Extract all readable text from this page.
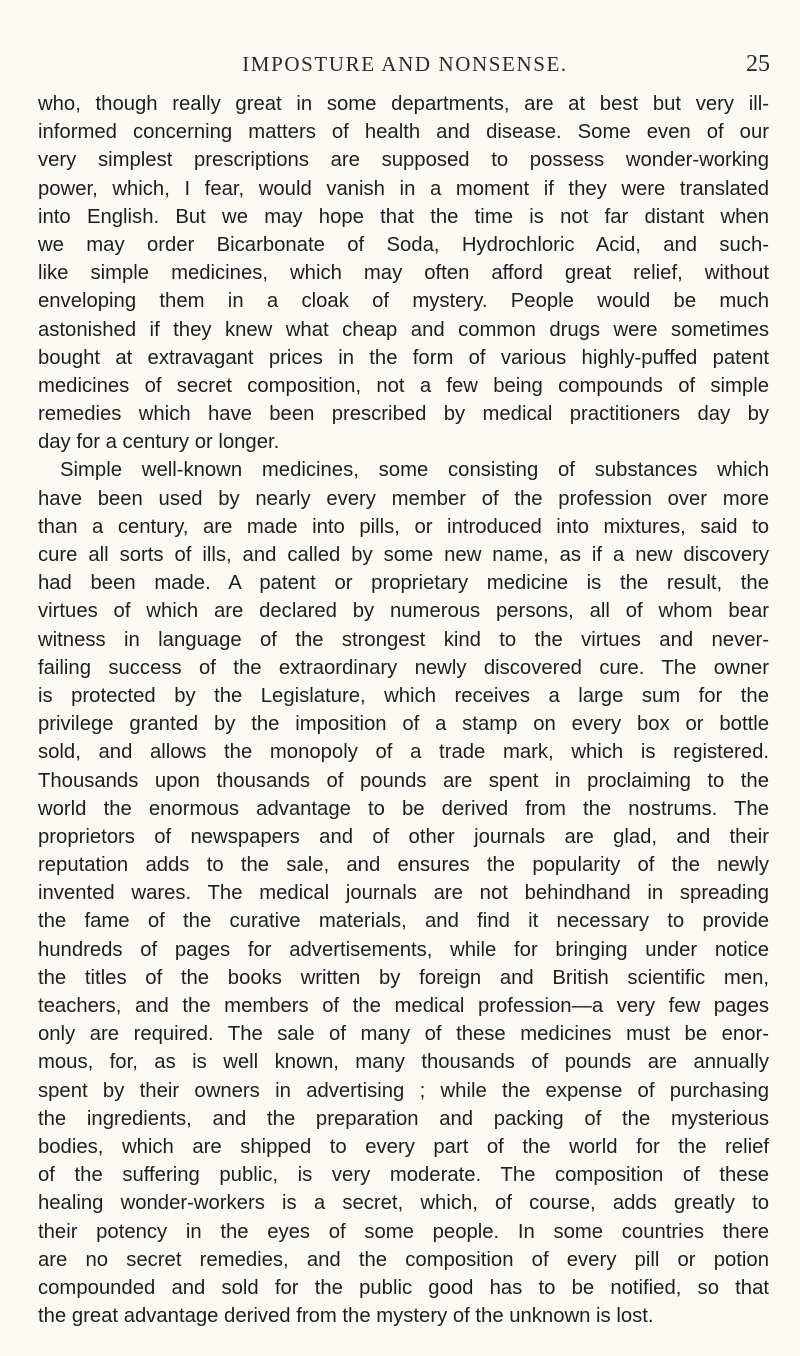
IMPOSTURE AND NONSENSE.	25
who, though really great in some departments, are at best but very ill-
informed concerning matters of health and disease. Some even of our
very simplest prescriptions are supposed to possess wonder-working
power, which, I fear, would vanish in a moment if they were translated
into English. But we may hope that the time is not far distant when
we may order Bicarbonate of Soda, Hydrochloric Acid, and such-
like simple medicines, which may often afford great relief, without
enveloping them in a cloak of mystery. People would be much
astonished if they knew what cheap and common drugs were sometimes
bought at extravagant prices in the form of various highly-puffed patent
medicines of secret composition, not a few being compounds of simple
remedies which have been prescribed by medical practitioners day by
day for a century or longer.
Simple well-known medicines, some consisting of substances which
have been used by nearly every member of the profession over more
than a century, are made into pills, or introduced into mixtures, said to
cure all sorts of ills, and called by some new name, as if a new discovery
had been made. A patent or proprietary medicine is the result, the
virtues of which are declared by numerous persons, all of whom bear
witness in language of the strongest kind to the virtues and never-
failing success of the extraordinary newly discovered cure. The owner
is protected by the Legislature, which receives a large sum for the
privilege granted by the imposition of a stamp on every box or bottle
sold, and allows the monopoly of a trade mark, which is registered.
Thousands upon thousands of pounds are spent in proclaiming to the
world the enormous advantage to be derived from the nostrums. The
proprietors of newspapers and of other journals are glad, and their
reputation adds to the sale, and ensures the popularity of the newly
invented wares. The medical journals are not behindhand in spreading
the fame of the curative materials, and find it necessary to provide
hundreds of pages for advertisements, while for bringing under notice
the titles of the books written by foreign and British scientific men,
teachers, and the members of the medical profession—a very few pages
only are required. The sale of many of these medicines must be enor-
mous, for, as is well known, many thousands of pounds are annually
spent by their owners in advertising ; while the expense of purchasing
the ingredients, and the preparation and packing of the mysterious
bodies, which are shipped to every part of the world for the relief
of the suffering public, is very moderate. The composition of these
healing wonder-workers is a secret, which, of course, adds greatly to
their potency in the eyes of some people. In some countries there
are no secret remedies, and the composition of every pill or potion
compounded and sold for the public good has to be notified, so that
the great advantage derived from the mystery of the unknown is lost.
